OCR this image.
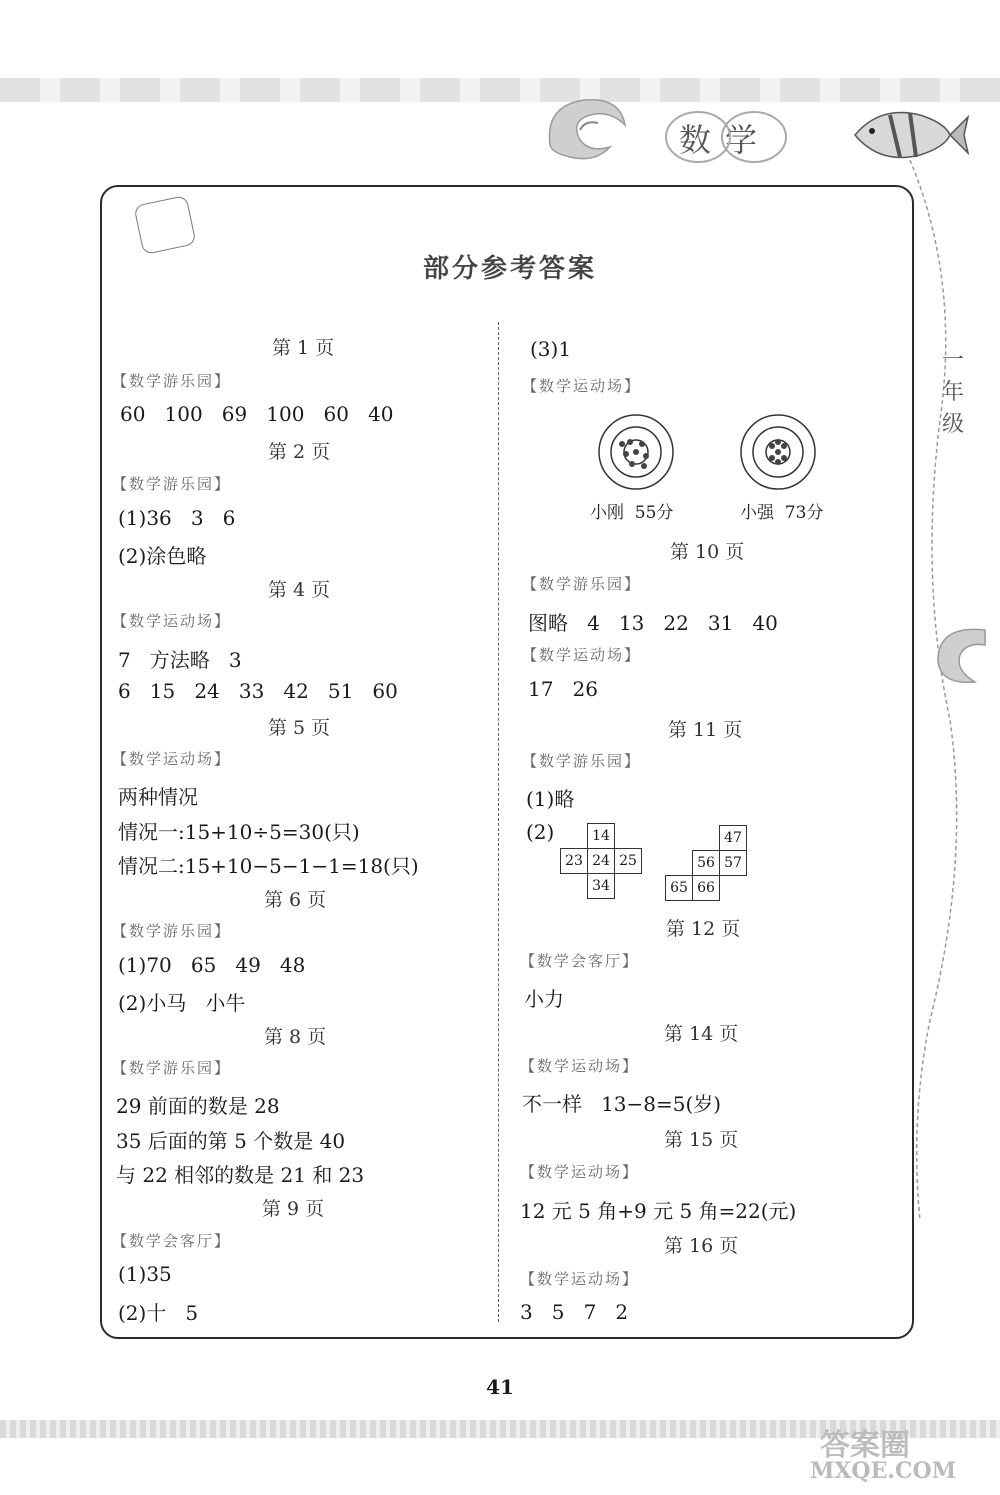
数学
一
年
级
部分参考答案
第 1 页
【数学游乐园】
60   100   69   100   60   40
第 2 页
【数学游乐园】
(1)36   3   6
(2)涂色略
第 4 页
【数学运动场】
7   方法略   3
6   15   24   33   42   51   60
第 5 页
【数学运动场】
两种情况
情况一:15+10÷5=30(只)
情况二:15+10−5−1−1=18(只)
第 6 页
【数学游乐园】
(1)70   65   49   48
(2)小马   小牛
第 8 页
【数学游乐园】
29 前面的数是 28
35 后面的第 5 个数是 40
与 22 相邻的数是 21 和 23
第 9 页
【数学会客厅】
(1)35
(2)十   5
(3)1
【数学运动场】
小刚  55分	小强  73分
第 10 页
【数学游乐园】
图略   4   13   22   31   40
【数学运动场】
17   26
第 11 页
【数学游乐园】
(1)略
(2)
		14	
23	24	25
	34	
		47
	56	57
65	66	
第 12 页
【数学会客厅】
小力
第 14 页
【数学运动场】
不一样   13−8=5(岁)
第 15 页
【数学运动场】
12 元 5 角+9 元 5 角=22(元)
第 16 页
【数学运动场】
3   5   7   2
41
答案圈
MXQE.COM
